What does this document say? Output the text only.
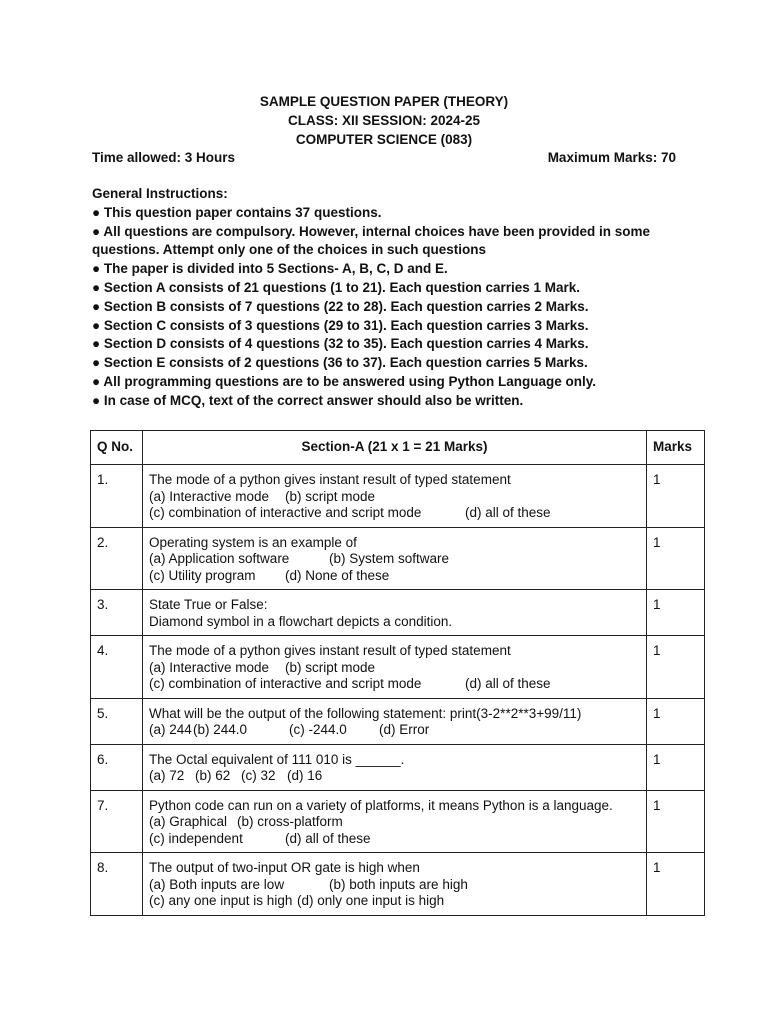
SAMPLE QUESTION PAPER (THEORY)
CLASS: XII SESSION: 2024-25
COMPUTER SCIENCE (083)
Time allowed: 3 Hours	Maximum Marks: 70
General Instructions:
● This question paper contains 37 questions.
● All questions are compulsory. However, internal choices have been provided in some
questions. Attempt only one of the choices in such questions
● The paper is divided into 5 Sections- A, B, C, D and E.
● Section A consists of 21 questions (1 to 21). Each question carries 1 Mark.
● Section B consists of 7 questions (22 to 28). Each question carries 2 Marks.
● Section C consists of 3 questions (29 to 31). Each question carries 3 Marks.
● Section D consists of 4 questions (32 to 35). Each question carries 4 Marks.
● Section E consists of 2 questions (36 to 37). Each question carries 5 Marks.
● All programming questions are to be answered using Python Language only.
● In case of MCQ, text of the correct answer should also be written.
Q No.	Section-A (21 x 1 = 21 Marks)	Marks
1.	The mode of a python gives instant result of typed statement
(a) Interactive mode (b) script mode
(c) combination of interactive and script mode (d) all of these	1
2.	Operating system is an example of
(a) Application software (b) System software
(c) Utility program (d) None of these	1
3.	State True or False:
Diamond symbol in a flowchart depicts a condition.	1
4.	The mode of a python gives instant result of typed statement
(a) Interactive mode (b) script mode
(c) combination of interactive and script mode (d) all of these	1
5.	What will be the output of the following statement: print(3-2**2**3+99/11)
(a) 244(b) 244.0 (c) -244.0 (d) Error	1
6.	The Octal equivalent of 111 010 is ______.
(a) 72 (b) 62 (c) 32 (d) 16	1
7.	Python code can run on a variety of platforms, it means Python is a language.
(a) Graphical (b) cross-platform
(c) independent (d) all of these	1
8.	The output of two-input OR gate is high when
(a) Both inputs are low (b) both inputs are high
(c) any one input is high (d) only one input is high	1
